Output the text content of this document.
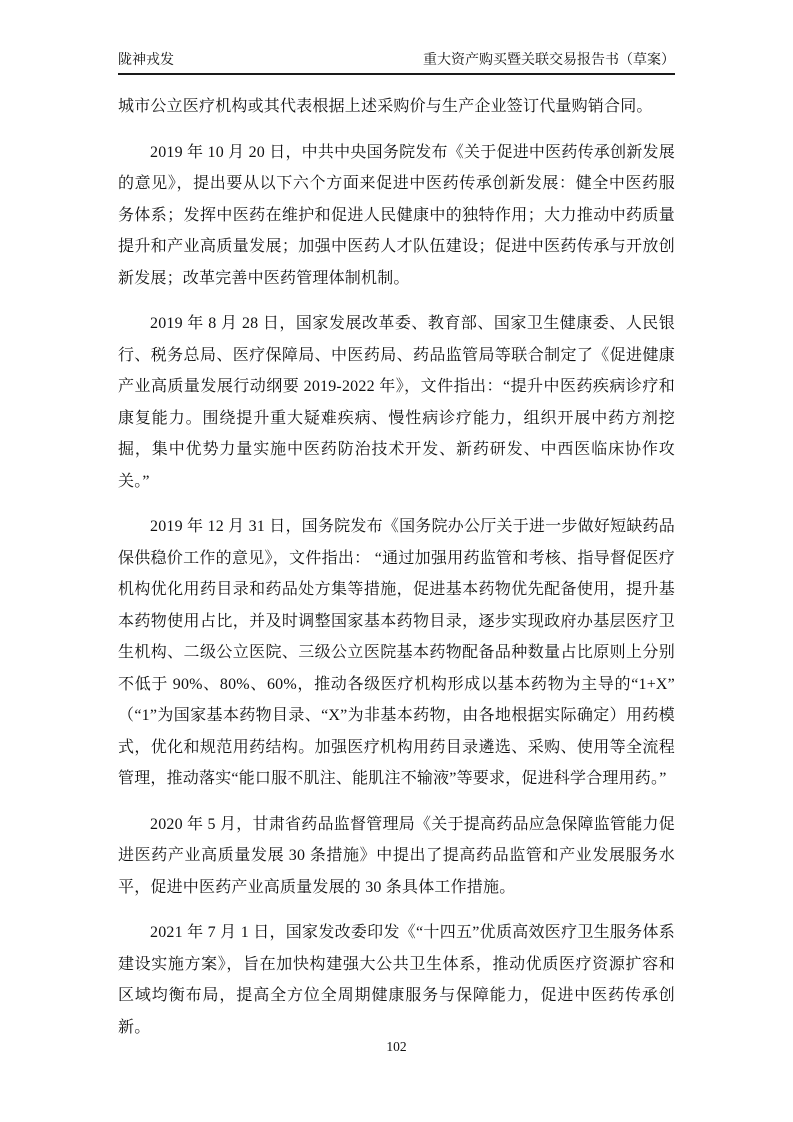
陇神戎发	重大资产购买暨关联交易报告书（草案）

城市公立医疗机构或其代表根据上述采购价与生产企业签订代量购销合同。

2019 年 10 月 20 日，中共中央国务院发布《关于促进中医药传承创新发展的意见》，提出要从以下六个方面来促进中医药传承创新发展：健全中医药服务体系；发挥中医药在维护和促进人民健康中的独特作用；大力推动中药质量提升和产业高质量发展；加强中医药人才队伍建设；促进中医药传承与开放创新发展；改革完善中医药管理体制机制。

2019 年 8 月 28 日，国家发展改革委、教育部、国家卫生健康委、人民银行、税务总局、医疗保障局、中医药局、药品监管局等联合制定了《促进健康产业高质量发展行动纲要 2019-2022 年》，文件指出：“提升中医药疾病诊疗和康复能力。围绕提升重大疑难疾病、慢性病诊疗能力，组织开展中药方剂挖掘，集中优势力量实施中医药防治技术开发、新药研发、中西医临床协作攻关。”

2019 年 12 月 31 日，国务院发布《国务院办公厅关于进一步做好短缺药品保供稳价工作的意见》，文件指出： “通过加强用药监管和考核、指导督促医疗机构优化用药目录和药品处方集等措施，促进基本药物优先配备使用，提升基本药物使用占比，并及时调整国家基本药物目录，逐步实现政府办基层医疗卫生机构、二级公立医院、三级公立医院基本药物配备品种数量占比原则上分别不低于 90%、80%、60%，推动各级医疗机构形成以基本药物为主导的“1+X”（“1”为国家基本药物目录、“X”为非基本药物，由各地根据实际确定）用药模式，优化和规范用药结构。加强医疗机构用药目录遴选、采购、使用等全流程管理，推动落实“能口服不肌注、能肌注不输液”等要求，促进科学合理用药。”

2020 年 5 月，甘肃省药品监督管理局《关于提高药品应急保障监管能力促进医药产业高质量发展 30 条措施》中提出了提高药品监管和产业发展服务水平，促进中医药产业高质量发展的 30 条具体工作措施。

2021 年 7 月 1 日，国家发改委印发《“十四五”优质高效医疗卫生服务体系建设实施方案》，旨在加快构建强大公共卫生体系，推动优质医疗资源扩容和区域均衡布局，提高全方位全周期健康服务与保障能力，促进中医药传承创新。

102
